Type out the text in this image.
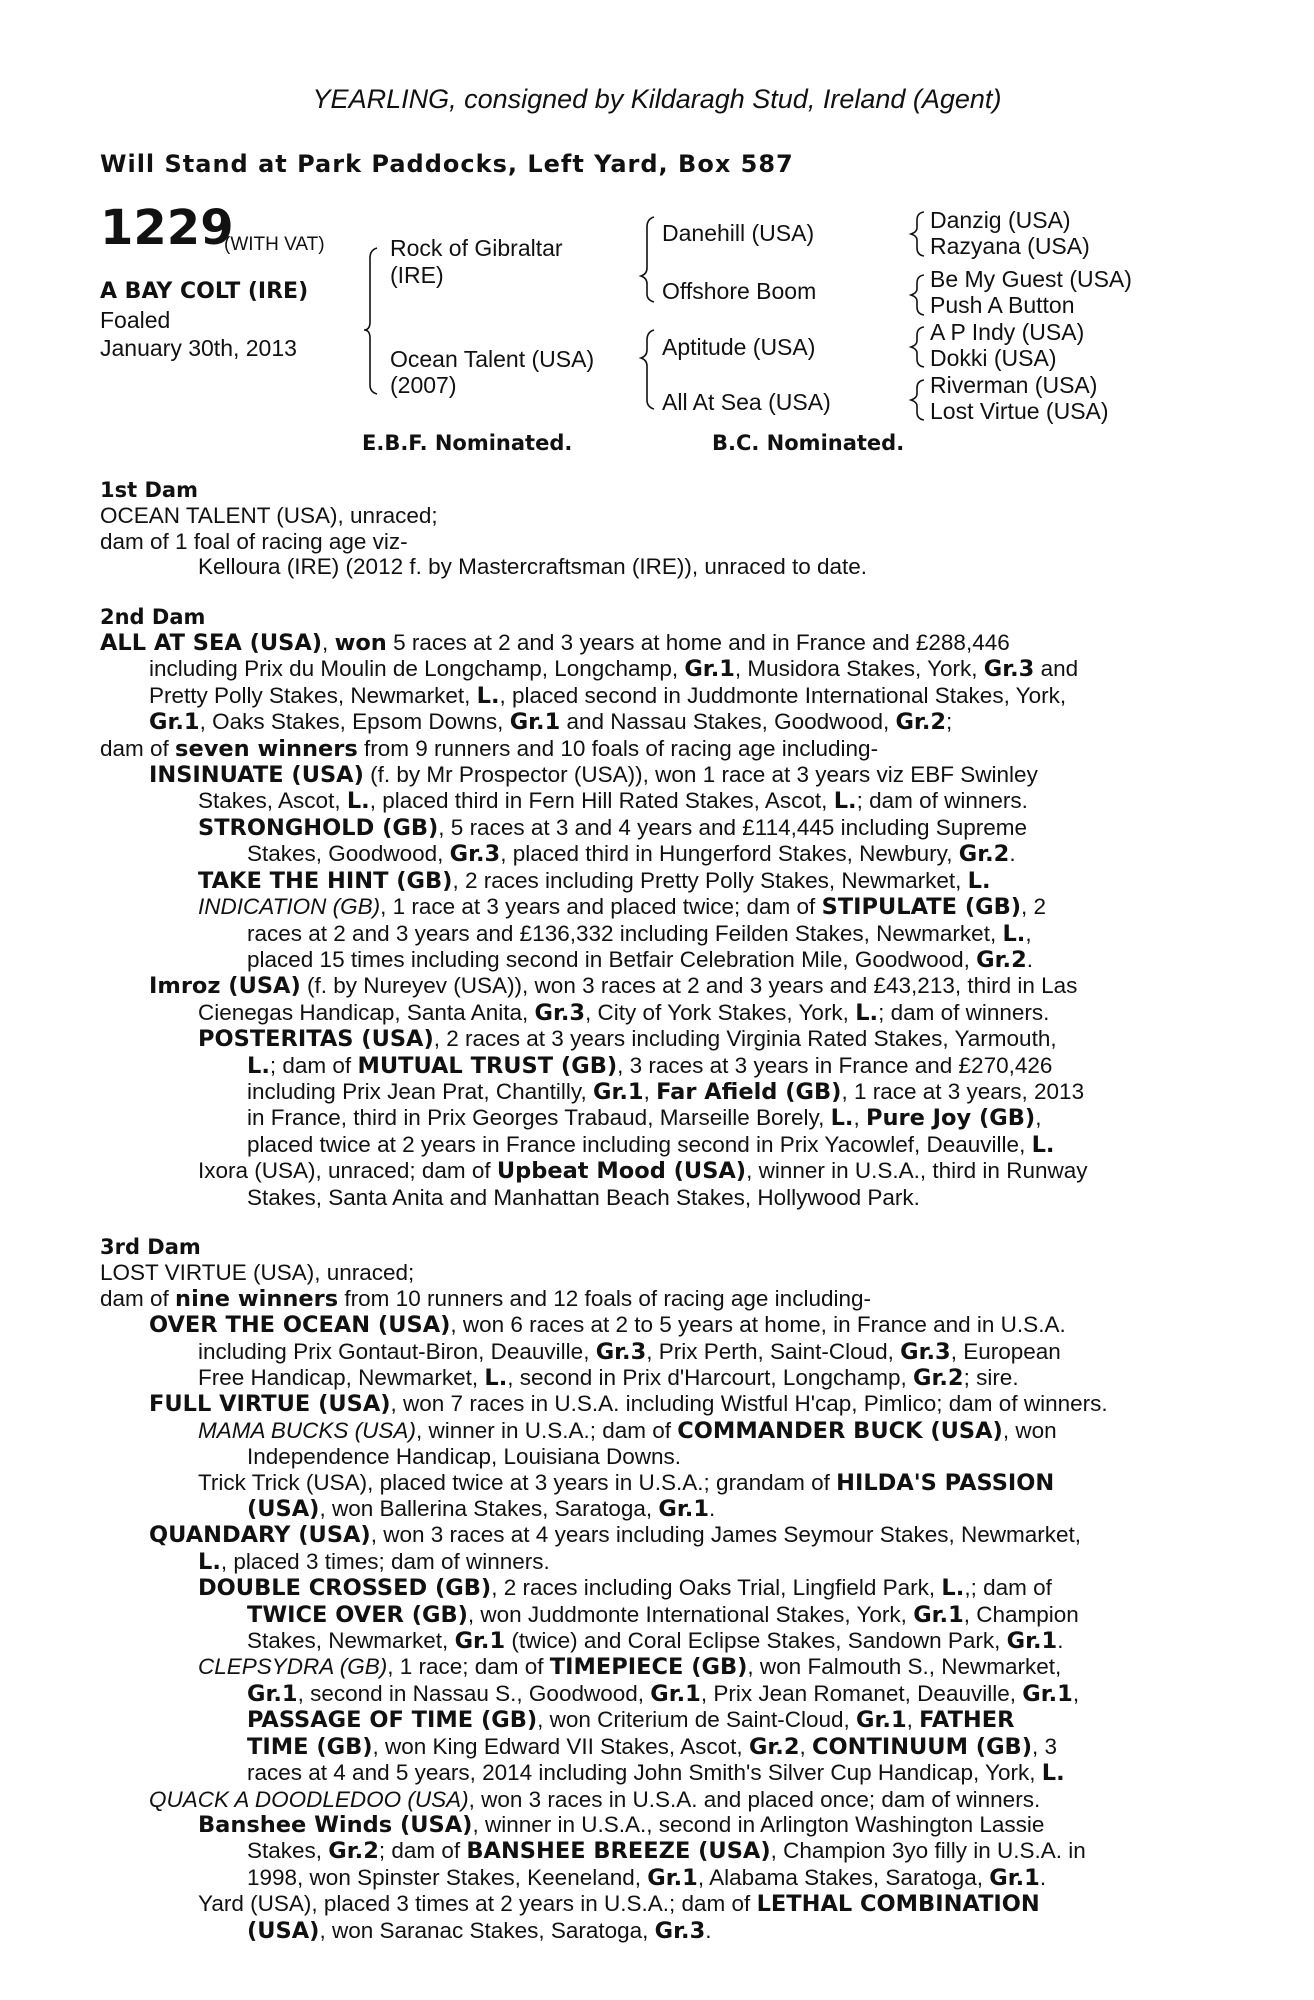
YEARLING, consigned by Kildaragh Stud, Ireland (Agent)
Will Stand at Park Paddocks, Left Yard, Box 587
1229
(WITH VAT)
A BAY COLT (IRE)
Foaled
January 30th, 2013
Rock of Gibraltar
(IRE)
Ocean Talent (USA)
(2007)
Danehill (USA)
Offshore Boom
Aptitude (USA)
All At Sea (USA)
Danzig (USA)
Razyana (USA)
Be My Guest (USA)
Push A Button
A P Indy (USA)
Dokki (USA)
Riverman (USA)
Lost Virtue (USA)
E.B.F. Nominated.	B.C. Nominated.

1st Dam

OCEAN TALENT (USA), unraced;

dam of 1 foal of racing age viz-

Kelloura (IRE) (2012 f. by Mastercraftsman (IRE)), unraced to date.

2nd Dam

ALL AT SEA (USA), won 5 races at 2 and 3 years at home and in France and £288,446

including Prix du Moulin de Longchamp, Longchamp, Gr.1, Musidora Stakes, York, Gr.3 and

Pretty Polly Stakes, Newmarket, L., placed second in Juddmonte International Stakes, York,

Gr.1, Oaks Stakes, Epsom Downs, Gr.1 and Nassau Stakes, Goodwood, Gr.2;

dam of seven winners from 9 runners and 10 foals of racing age including-

INSINUATE (USA) (f. by Mr Prospector (USA)), won 1 race at 3 years viz EBF Swinley

Stakes, Ascot, L., placed third in Fern Hill Rated Stakes, Ascot, L.; dam of winners.

STRONGHOLD (GB), 5 races at 3 and 4 years and £114,445 including Supreme

Stakes, Goodwood, Gr.3, placed third in Hungerford Stakes, Newbury, Gr.2.

TAKE THE HINT (GB), 2 races including Pretty Polly Stakes, Newmarket, L.

INDICATION (GB), 1 race at 3 years and placed twice; dam of STIPULATE (GB), 2

races at 2 and 3 years and £136,332 including Feilden Stakes, Newmarket, L.,

placed 15 times including second in Betfair Celebration Mile, Goodwood, Gr.2.

Imroz (USA) (f. by Nureyev (USA)), won 3 races at 2 and 3 years and £43,213, third in Las

Cienegas Handicap, Santa Anita, Gr.3, City of York Stakes, York, L.; dam of winners.

POSTERITAS (USA), 2 races at 3 years including Virginia Rated Stakes, Yarmouth,

L.; dam of MUTUAL TRUST (GB), 3 races at 3 years in France and £270,426

including Prix Jean Prat, Chantilly, Gr.1, Far Afield (GB), 1 race at 3 years, 2013

in France, third in Prix Georges Trabaud, Marseille Borely, L., Pure Joy (GB),

placed twice at 2 years in France including second in Prix Yacowlef, Deauville, L.

Ixora (USA), unraced; dam of Upbeat Mood (USA), winner in U.S.A., third in Runway

Stakes, Santa Anita and Manhattan Beach Stakes, Hollywood Park.

3rd Dam

LOST VIRTUE (USA), unraced;

dam of nine winners from 10 runners and 12 foals of racing age including-

OVER THE OCEAN (USA), won 6 races at 2 to 5 years at home, in France and in U.S.A.

including Prix Gontaut-Biron, Deauville, Gr.3, Prix Perth, Saint-Cloud, Gr.3, European

Free Handicap, Newmarket, L., second in Prix d'Harcourt, Longchamp, Gr.2; sire.

FULL VIRTUE (USA), won 7 races in U.S.A. including Wistful H'cap, Pimlico; dam of winners.

MAMA BUCKS (USA), winner in U.S.A.; dam of COMMANDER BUCK (USA), won

Independence Handicap, Louisiana Downs.

Trick Trick (USA), placed twice at 3 years in U.S.A.; grandam of HILDA'S PASSION

(USA), won Ballerina Stakes, Saratoga, Gr.1.

QUANDARY (USA), won 3 races at 4 years including James Seymour Stakes, Newmarket,

L., placed 3 times; dam of winners.

DOUBLE CROSSED (GB), 2 races including Oaks Trial, Lingfield Park, L.,; dam of

TWICE OVER (GB), won Juddmonte International Stakes, York, Gr.1, Champion

Stakes, Newmarket, Gr.1 (twice) and Coral Eclipse Stakes, Sandown Park, Gr.1.

CLEPSYDRA (GB), 1 race; dam of TIMEPIECE (GB), won Falmouth S., Newmarket,

Gr.1, second in Nassau S., Goodwood, Gr.1, Prix Jean Romanet, Deauville, Gr.1,

PASSAGE OF TIME (GB), won Criterium de Saint-Cloud, Gr.1, FATHER

TIME (GB), won King Edward VII Stakes, Ascot, Gr.2, CONTINUUM (GB), 3

races at 4 and 5 years, 2014 including John Smith's Silver Cup Handicap, York, L.

QUACK A DOODLEDOO (USA), won 3 races in U.S.A. and placed once; dam of winners.

Banshee Winds (USA), winner in U.S.A., second in Arlington Washington Lassie

Stakes, Gr.2; dam of BANSHEE BREEZE (USA), Champion 3yo filly in U.S.A. in

1998, won Spinster Stakes, Keeneland, Gr.1, Alabama Stakes, Saratoga, Gr.1.

Yard (USA), placed 3 times at 2 years in U.S.A.; dam of LETHAL COMBINATION

(USA), won Saranac Stakes, Saratoga, Gr.3.
